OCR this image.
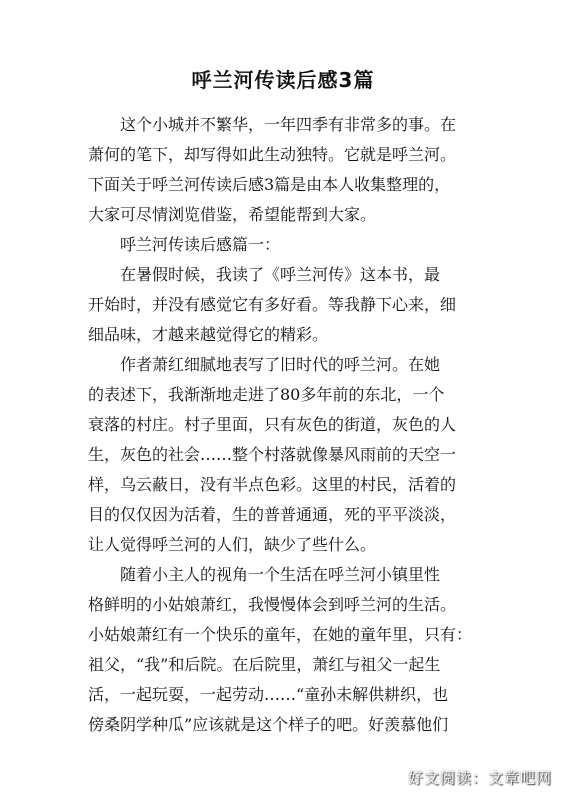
呼兰河传读后感3篇
这个小城并不繁华，一年四季有非常多的事。在
萧何的笔下，却写得如此生动独特。它就是呼兰河。
下面关于呼兰河传读后感3篇是由本人收集整理的，
大家可尽情浏览借鉴，希望能帮到大家。
呼兰河传读后感篇一：
在暑假时候，我读了《呼兰河传》这本书，最
开始时，并没有感觉它有多好看。等我静下心来，细
细品味，才越来越觉得它的精彩。
作者萧红细腻地表写了旧时代的呼兰河。在她
的表述下，我渐渐地走进了80多年前的东北，一个
衰落的村庄。村子里面，只有灰色的街道，灰色的人
生，灰色的社会……整个村落就像暴风雨前的天空一
样，乌云蔽日，没有半点色彩。这里的村民，活着的
目的仅仅因为活着，生的普普通通，死的平平淡淡，
让人觉得呼兰河的人们，缺少了些什么。
随着小主人的视角一个生活在呼兰河小镇里性
格鲜明的小姑娘萧红，我慢慢体会到呼兰河的生活。
小姑娘萧红有一个快乐的童年，在她的童年里，只有：
祖父，“我”和后院。在后院里，萧红与祖父一起生
活，一起玩耍，一起劳动……“童孙未解供耕织，也
傍桑阴学种瓜”应该就是这个样子的吧。好羡慕他们
好文阅读：文章吧网
